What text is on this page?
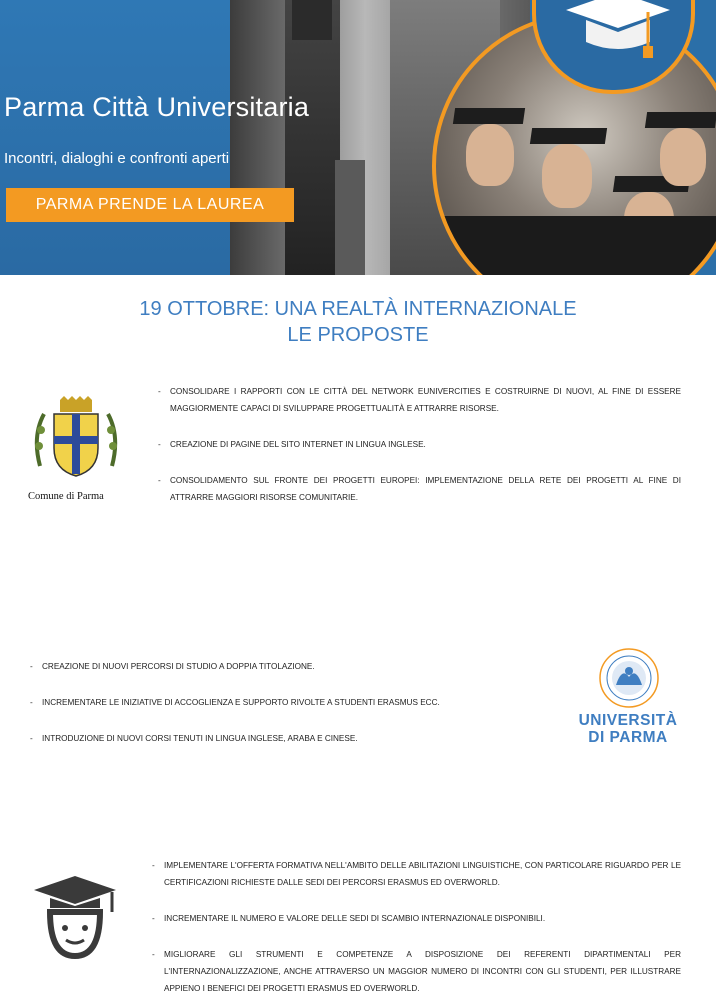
Parma Città Universitaria
Incontri, dialoghi e confronti aperti
PARMA PRENDE LA LAUREA
19 OTTOBRE: UNA REALTÀ INTERNAZIONALE
LE PROPOSTE
Comune di Parma
- CONSOLIDARE I RAPPORTI CON LE CITTÀ DEL NETWORK EUNIVERCITIES E COSTRUIRNE DI NUOVI, AL FINE DI ESSERE MAGGIORMENTE CAPACI DI SVILUPPARE PROGETTUALITÀ E ATTRARRE RISORSE.
- CREAZIONE DI PAGINE DEL SITO INTERNET IN LINGUA INGLESE.
- CONSOLIDAMENTO SUL FRONTE DEI PROGETTI EUROPEI: IMPLEMENTAZIONE DELLA RETE DEI PROGETTI AL FINE DI ATTRARRE MAGGIORI RISORSE COMUNITARIE.
- CREAZIONE DI NUOVI PERCORSI DI STUDIO A DOPPIA TITOLAZIONE.
- INCREMENTARE LE INIZIATIVE DI ACCOGLIENZA E SUPPORTO RIVOLTE A STUDENTI ERASMUS ECC.
- INTRODUZIONE DI NUOVI CORSI TENUTI IN LINGUA INGLESE, ARABA E CINESE.
UNIVERSITÀ
DI PARMA
- IMPLEMENTARE L'OFFERTA FORMATIVA NELL'AMBITO DELLE ABILITAZIONI LINGUISTICHE, CON PARTICOLARE RIGUARDO PER LE CERTIFICAZIONI RICHIESTE DALLE SEDI DEI PERCORSI ERASMUS ED OVERWORLD.
- INCREMENTARE IL NUMERO E VALORE DELLE SEDI DI SCAMBIO INTERNAZIONALE DISPONIBILI.
- MIGLIORARE GLI STRUMENTI E COMPETENZE A DISPOSIZIONE DEI REFERENTI DIPARTIMENTALI PER L'INTERNAZIONALIZZAZIONE, ANCHE ATTRAVERSO UN MAGGIOR NUMERO DI INCONTRI CON GLI STUDENTI, PER ILLUSTRARE APPIENO I BENEFICI DEI PROGETTI ERASMUS ED OVERWORLD.
